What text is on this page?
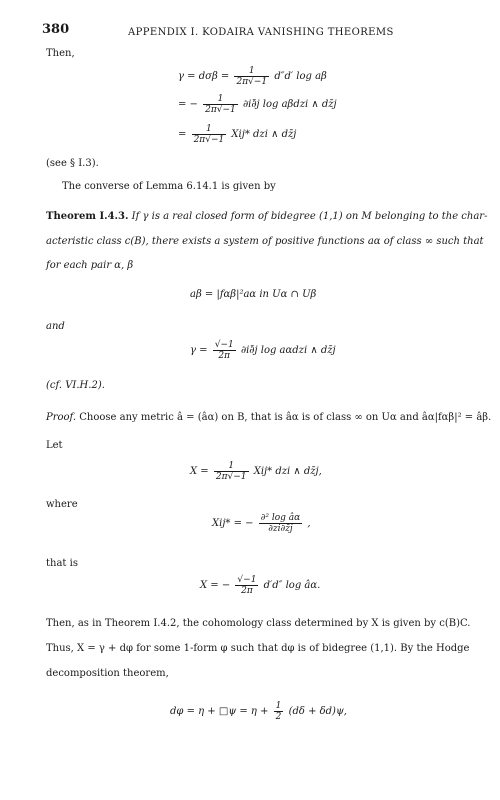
380	APPENDIX I. KODAIRA VANISHING THEOREMS
Then,
$\gamma = d\sigma\beta = \frac{1}{2\pi√-1} d''d'$ log aβ
= − $\frac{1}{2\pi√-1}$ ∂i∂̄j log aβdzi ∧ dz̄j
= $\frac{1}{2\pi√-1} Xij*$ dzi ∧ dz̄j
(see § I.3).
The converse of Lemma 6.14.1 is given by
Theorem I.4.3. If γ is a real closed form of bidegree (1,1) on M belonging to the char-
acteristic class c(B), there exists a system of positive functions aα of class ∞ such that
for each pair α, β
aβ = |fαβ|²aα in Uα ∩ Uβ
and
$\gamma = \frac{√-1}{2\pi}$ ∂i∂̄j log aαdzi ∧ dz̄j
(cf. VI.H.2).
Proof. Choose any metric â = (âα) on B, that is âα is of class ∞ on Uα and âα|fαβ|² = âβ.
Let
$X = \frac{1}{2\pi√-1} Xij*$ dzi ∧ dz̄j,
where
Xij* = − $\frac{\text{∂² log âα}}{\partial zi\partial z̄j}$ ,
that is
X = − $\frac{√-1}{2\pi} d'd''$ log âα.
Then, as in Theorem I.4.2, the cohomology class determined by X is given by c(B)C.
Thus, X = γ + dφ for some 1-form φ such that dφ is of bidegree (1,1). By the Hodge
decomposition theorem,
dφ = η + □ψ = $\eta + \frac{1}{2} (d\delta + \delta d)\psi$,
